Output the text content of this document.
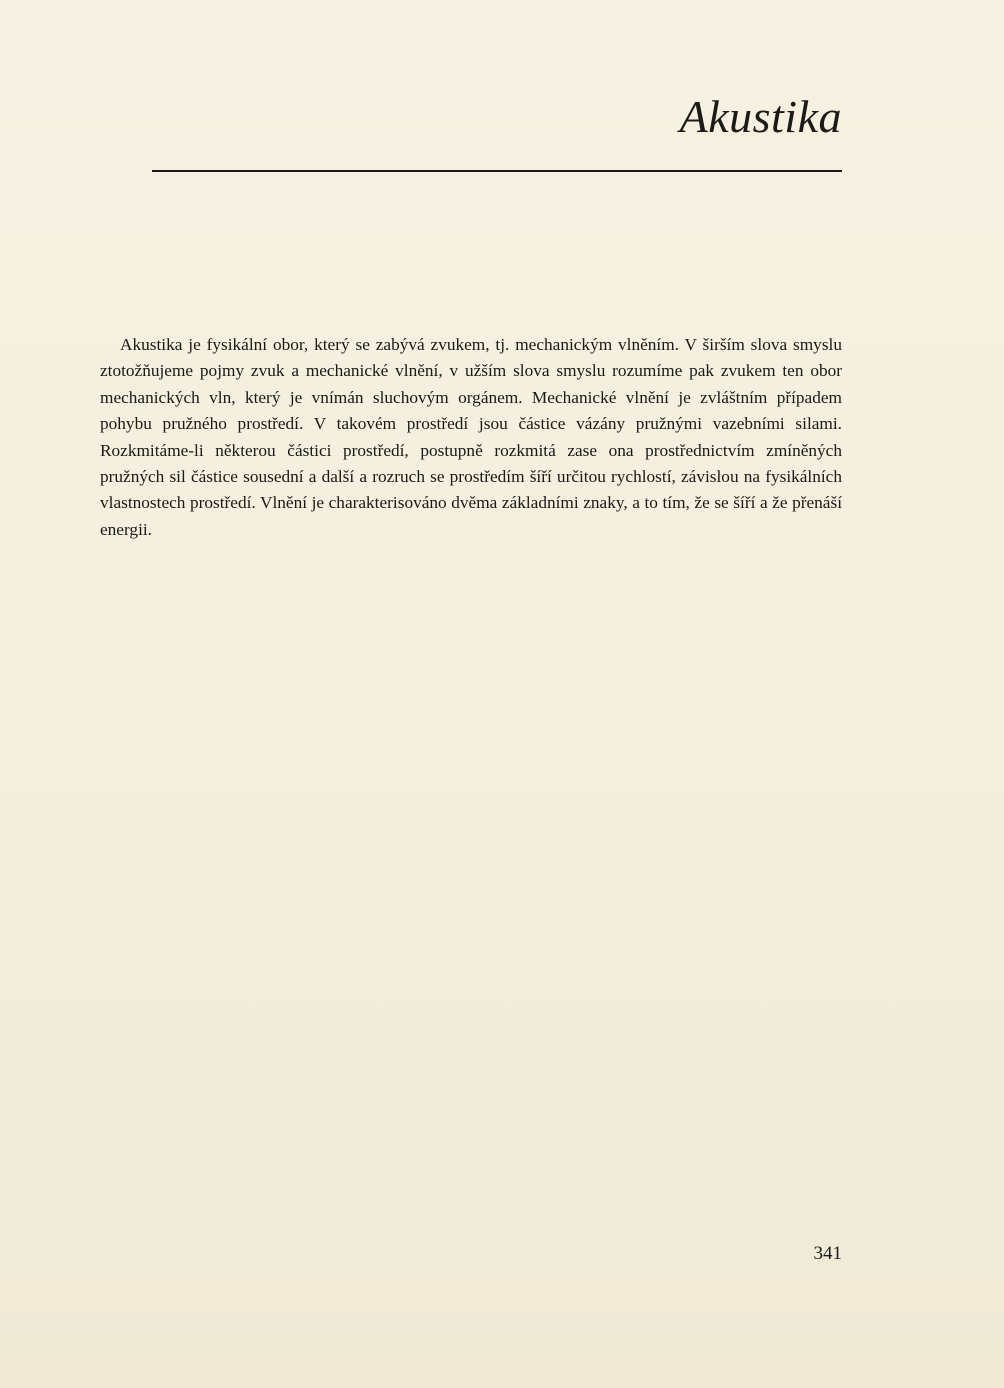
Akustika

Akustika je fysikální obor, který se zabývá zvukem, tj. mechanickým vlněním. V širším slova smyslu ztotožňujeme pojmy zvuk a mechanické vlnění, v užším slova smyslu rozumíme pak zvukem ten obor mechanických vln, který je vnímán sluchovým orgánem. Mechanické vlnění je zvláštním případem pohybu pružného prostředí. V takovém prostředí jsou částice vázány pružnými vazebními silami. Rozkmitáme-li některou částici prostředí, postupně rozkmitá zase ona prostřednictvím zmíněných pružných sil částice sousední a další a rozruch se prostředím šíří určitou rychlostí, závislou na fysikálních vlastnostech prostředí. Vlnění je charakterisováno dvěma základními znaky, a to tím, že se šíří a že přenáší energii.

341
